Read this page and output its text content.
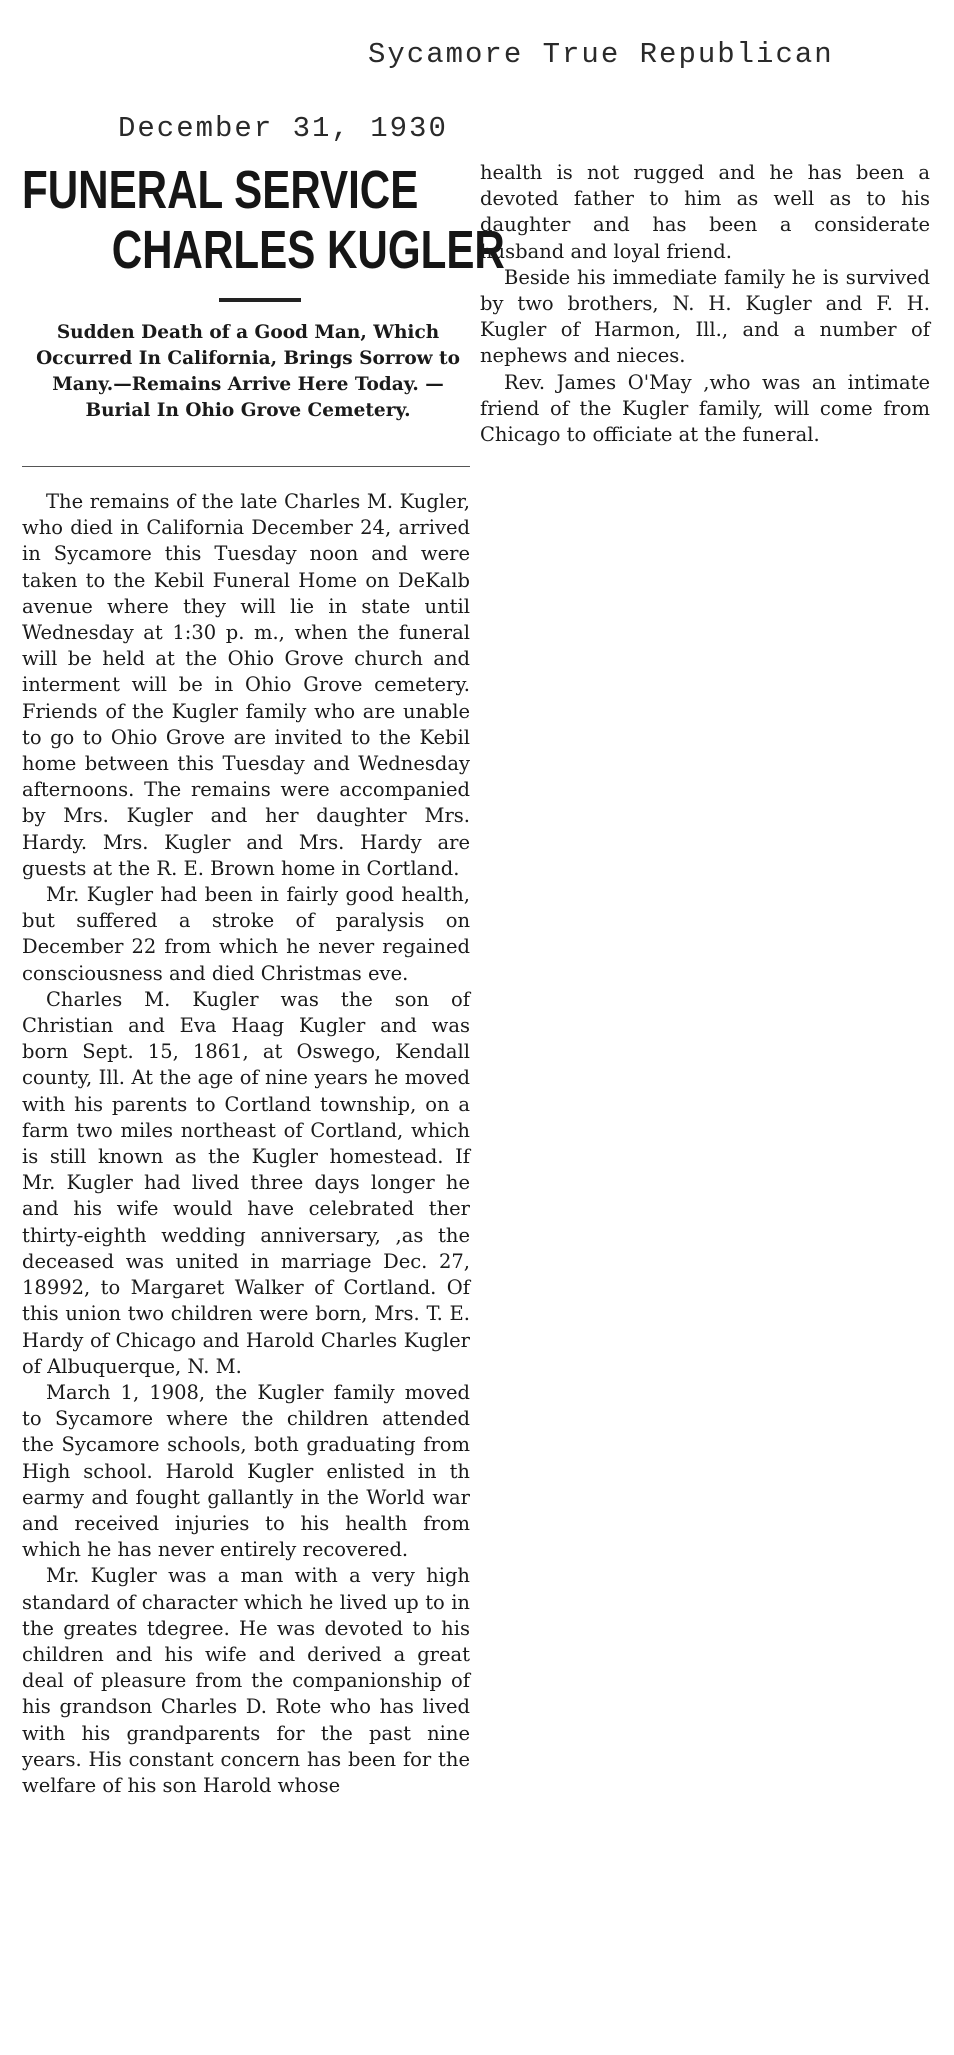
Sycamore True Republican
December 31, 1930
FUNERAL SERVICE
CHARLES KUGLER

Sudden Death of a Good Man, Which Occurred In California, Brings Sorrow to Many.—Remains Arrive Here Today. — Burial In Ohio Grove Cemetery.

The remains of the late Charles M. Kugler, who died in California December 24, arrived in Sycamore this Tuesday noon and were taken to the Kebil Funeral Home on DeKalb avenue where they will lie in state until Wednesday at 1:30 p. m., when the funeral will be held at the Ohio Grove church and interment will be in Ohio Grove cemetery. Friends of the Kugler family who are unable to go to Ohio Grove are invited to the Kebil home between this Tuesday and Wednesday afternoons. The remains were accompanied by Mrs. Kugler and her daughter Mrs. Hardy. Mrs. Kugler and Mrs. Hardy are guests at the R. E. Brown home in Cortland.

Mr. Kugler had been in fairly good health, but suffered a stroke of paralysis on December 22 from which he never regained consciousness and died Christmas eve.

Charles M. Kugler was the son of Christian and Eva Haag Kugler and was born Sept. 15, 1861, at Oswego, Kendall county, Ill. At the age of nine years he moved with his parents to Cortland township, on a farm two miles northeast of Cortland, which is still known as the Kugler homestead. If Mr. Kugler had lived three days longer he and his wife would have celebrated ther thirty-eighth wedding anniversary, ,as the deceased was united in marriage Dec. 27, 18992, to Margaret Walker of Cortland. Of this union two children were born, Mrs. T. E. Hardy of Chicago and Harold Charles Kugler of Albuquerque, N. M.

March 1, 1908, the Kugler family moved to Sycamore where the children attended the Sycamore schools, both graduating from High school. Harold Kugler enlisted in th earmy and fought gallantly in the World war and received injuries to his health from which he has never entirely recovered.

Mr. Kugler was a man with a very high standard of character which he lived up to in the greates tdegree. He was devoted to his children and his wife and derived a great deal of pleasure from the companionship of his grandson Charles D. Rote who has lived with his grandparents for the past nine years. His constant concern has been for the welfare of his son Harold whose

health is not rugged and he has been a devoted father to him as well as to his daughter and has been a considerate husband and loyal friend.

Beside his immediate family he is survived by two brothers, N. H. Kugler and F. H. Kugler of Harmon, Ill., and a number of nephews and nieces.

Rev. James O'May ,who was an intimate friend of the Kugler family, will come from Chicago to officiate at the funeral.
